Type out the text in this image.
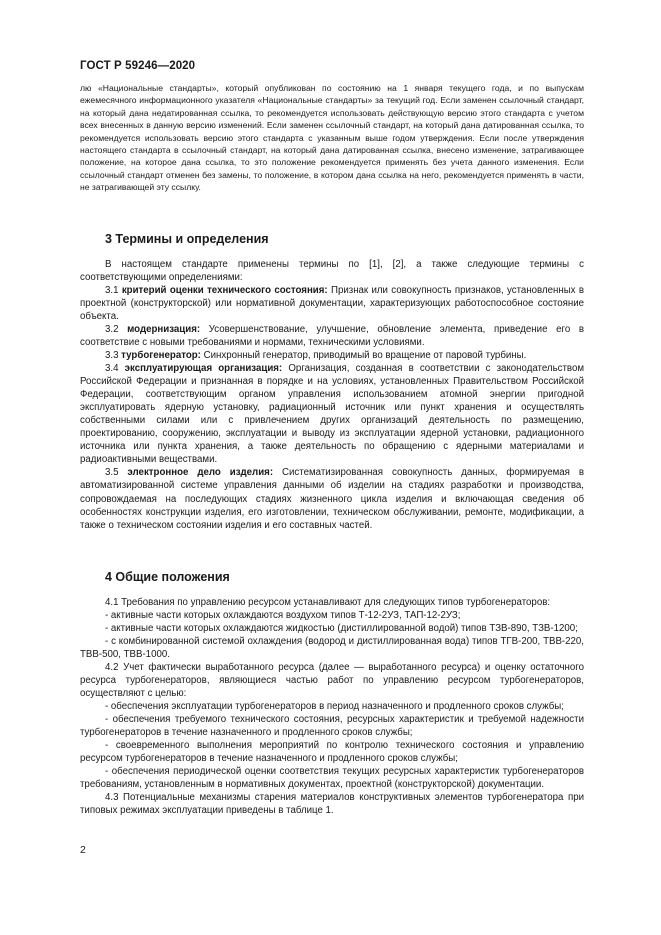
ГОСТ Р 59246—2020

лю «Национальные стандарты», который опубликован по состоянию на 1 января текущего года, и по выпускам ежемесячного информационного указателя «Национальные стандарты» за текущий год. Если заменен ссылочный стандарт, на который дана недатированная ссылка, то рекомендуется использовать действующую версию этого стандарта с учетом всех внесенных в данную версию изменений. Если заменен ссылочный стандарт, на который дана датированная ссылка, то рекомендуется использовать версию этого стандарта с указанным выше годом утверждения. Если после утверждения настоящего стандарта в ссылочный стандарт, на который дана датированная ссылка, внесено изменение, затрагивающее положение, на которое дана ссылка, то это положение рекомендуется применять без учета данного изменения. Если ссылочный стандарт отменен без замены, то положение, в котором дана ссылка на него, рекомендуется применять в части, не затрагивающей эту ссылку.

3 Термины и определения

В настоящем стандарте применены термины по [1], [2], а также следующие термины с соответствующими определениями:

3.1 критерий оценки технического состояния: Признак или совокупность признаков, установленных в проектной (конструкторской) или нормативной документации, характеризующих работоспособное состояние объекта.

3.2 модернизация: Усовершенствование, улучшение, обновление элемента, приведение его в соответствие с новыми требованиями и нормами, техническими условиями.

3.3 турбогенератор: Синхронный генератор, приводимый во вращение от паровой турбины.

3.4 эксплуатирующая организация: Организация, созданная в соответствии с законодательством Российской Федерации и признанная в порядке и на условиях, установленных Правительством Российской Федерации, соответствующим органом управления использованием атомной энергии пригодной эксплуатировать ядерную установку, радиационный источник или пункт хранения и осуществлять собственными силами или с привлечением других организаций деятельность по размещению, проектированию, сооружению, эксплуатации и выводу из эксплуатации ядерной установки, радиационного источника или пункта хранения, а также деятельность по обращению с ядерными материалами и радиоактивными веществами.

3.5 электронное дело изделия: Систематизированная совокупность данных, формируемая в автоматизированной системе управления данными об изделии на стадиях разработки и производства, сопровождаемая на последующих стадиях жизненного цикла изделия и включающая сведения об особенностях конструкции изделия, его изготовлении, техническом обслуживании, ремонте, модификации, а также о техническом состоянии изделия и его составных частей.

4 Общие положения

4.1 Требования по управлению ресурсом устанавливают для следующих типов турбогенераторов:

- активные части которых охлаждаются воздухом типов Т-12-2УЗ, ТАП-12-2УЗ;

- активные части которых охлаждаются жидкостью (дистиллированной водой) типов ТЗВ-890, ТЗВ-1200;

- с комбинированной системой охлаждения (водород и дистиллированная вода) типов ТГВ-200, ТВВ-220, ТВВ-500, ТВВ-1000.

4.2 Учет фактически выработанного ресурса (далее — выработанного ресурса) и оценку остаточного ресурса турбогенераторов, являющиеся частью работ по управлению ресурсом турбогенераторов, осуществляют с целью:

- обеспечения эксплуатации турбогенераторов в период назначенного и продленного сроков службы;

- обеспечения требуемого технического состояния, ресурсных характеристик и требуемой надежности турбогенераторов в течение назначенного и продленного сроков службы;

- своевременного выполнения мероприятий по контролю технического состояния и управлению ресурсом турбогенераторов в течение назначенного и продленного сроков службы;

- обеспечения периодической оценки соответствия текущих ресурсных характеристик турбогенераторов требованиям, установленным в нормативных документах, проектной (конструкторской) документации.

4.3 Потенциальные механизмы старения материалов конструктивных элементов турбогенератора при типовых режимах эксплуатации приведены в таблице 1.

2
